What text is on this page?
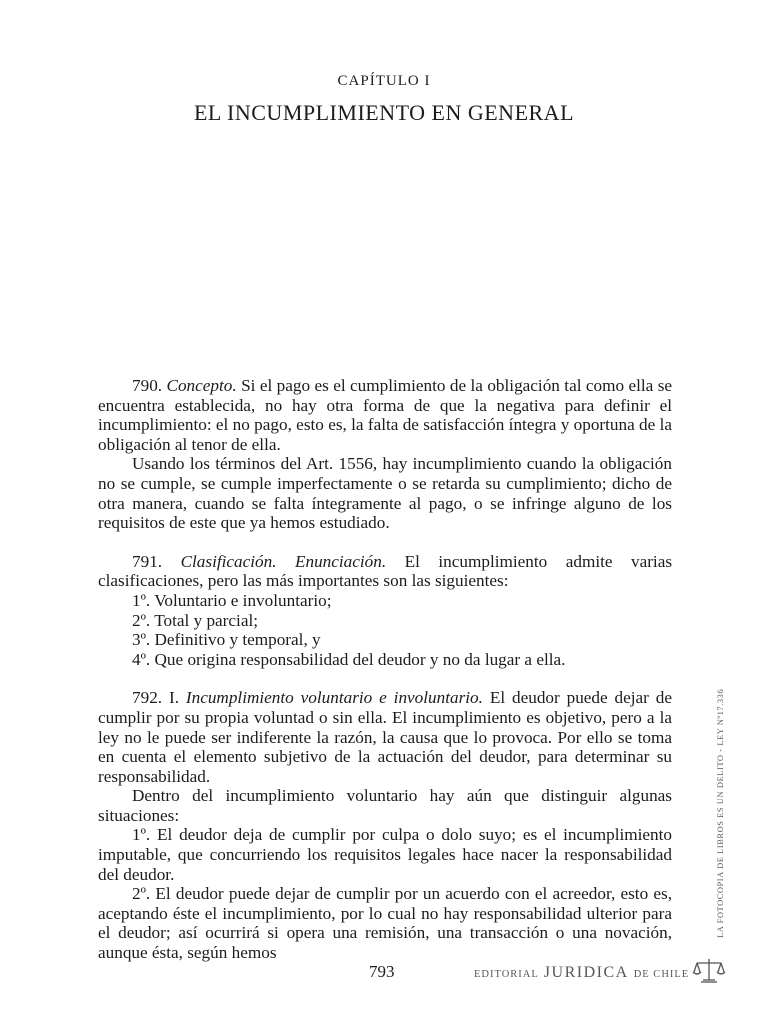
CAPÍTULO I
EL INCUMPLIMIENTO EN GENERAL

790. Concepto. Si el pago es el cumplimiento de la obligación tal como ella se encuentra establecida, no hay otra forma de que la negativa para definir el incumplimiento: el no pago, esto es, la falta de satisfacción íntegra y oportuna de la obligación al tenor de ella.

Usando los términos del Art. 1556, hay incumplimiento cuando la obligación no se cumple, se cumple imperfectamente o se retarda su cumplimiento; dicho de otra manera, cuando se falta íntegramente al pago, o se infringe alguno de los requisitos de este que ya hemos estudiado.

791. Clasificación. Enunciación. El incumplimiento admite varias clasificaciones, pero las más importantes son las siguientes:

1º. Voluntario e involuntario;

2º. Total y parcial;

3º. Definitivo y temporal, y

4º. Que origina responsabilidad del deudor y no da lugar a ella.

792. I. Incumplimiento voluntario e involuntario. El deudor puede dejar de cumplir por su propia voluntad o sin ella. El incumplimiento es objetivo, pero a la ley no le puede ser indiferente la razón, la causa que lo provoca. Por ello se toma en cuenta el elemento subjetivo de la actuación del deudor, para determinar su responsabilidad.

Dentro del incumplimiento voluntario hay aún que distinguir algunas situaciones:

1º. El deudor deja de cumplir por culpa o dolo suyo; es el incumplimiento imputable, que concurriendo los requisitos legales hace nacer la responsabilidad del deudor.

2º. El deudor puede dejar de cumplir por un acuerdo con el acreedor, esto es, aceptando éste el incumplimiento, por lo cual no hay responsabilidad ulterior para el deudor; así ocurrirá si opera una remisión, una transacción o una novación, aunque ésta, según hemos

793	EDITORIAL JURIDICA DE CHILE
LA FOTOCOPIA DE LIBROS ES UN DELITO - LEY Nº17.336
